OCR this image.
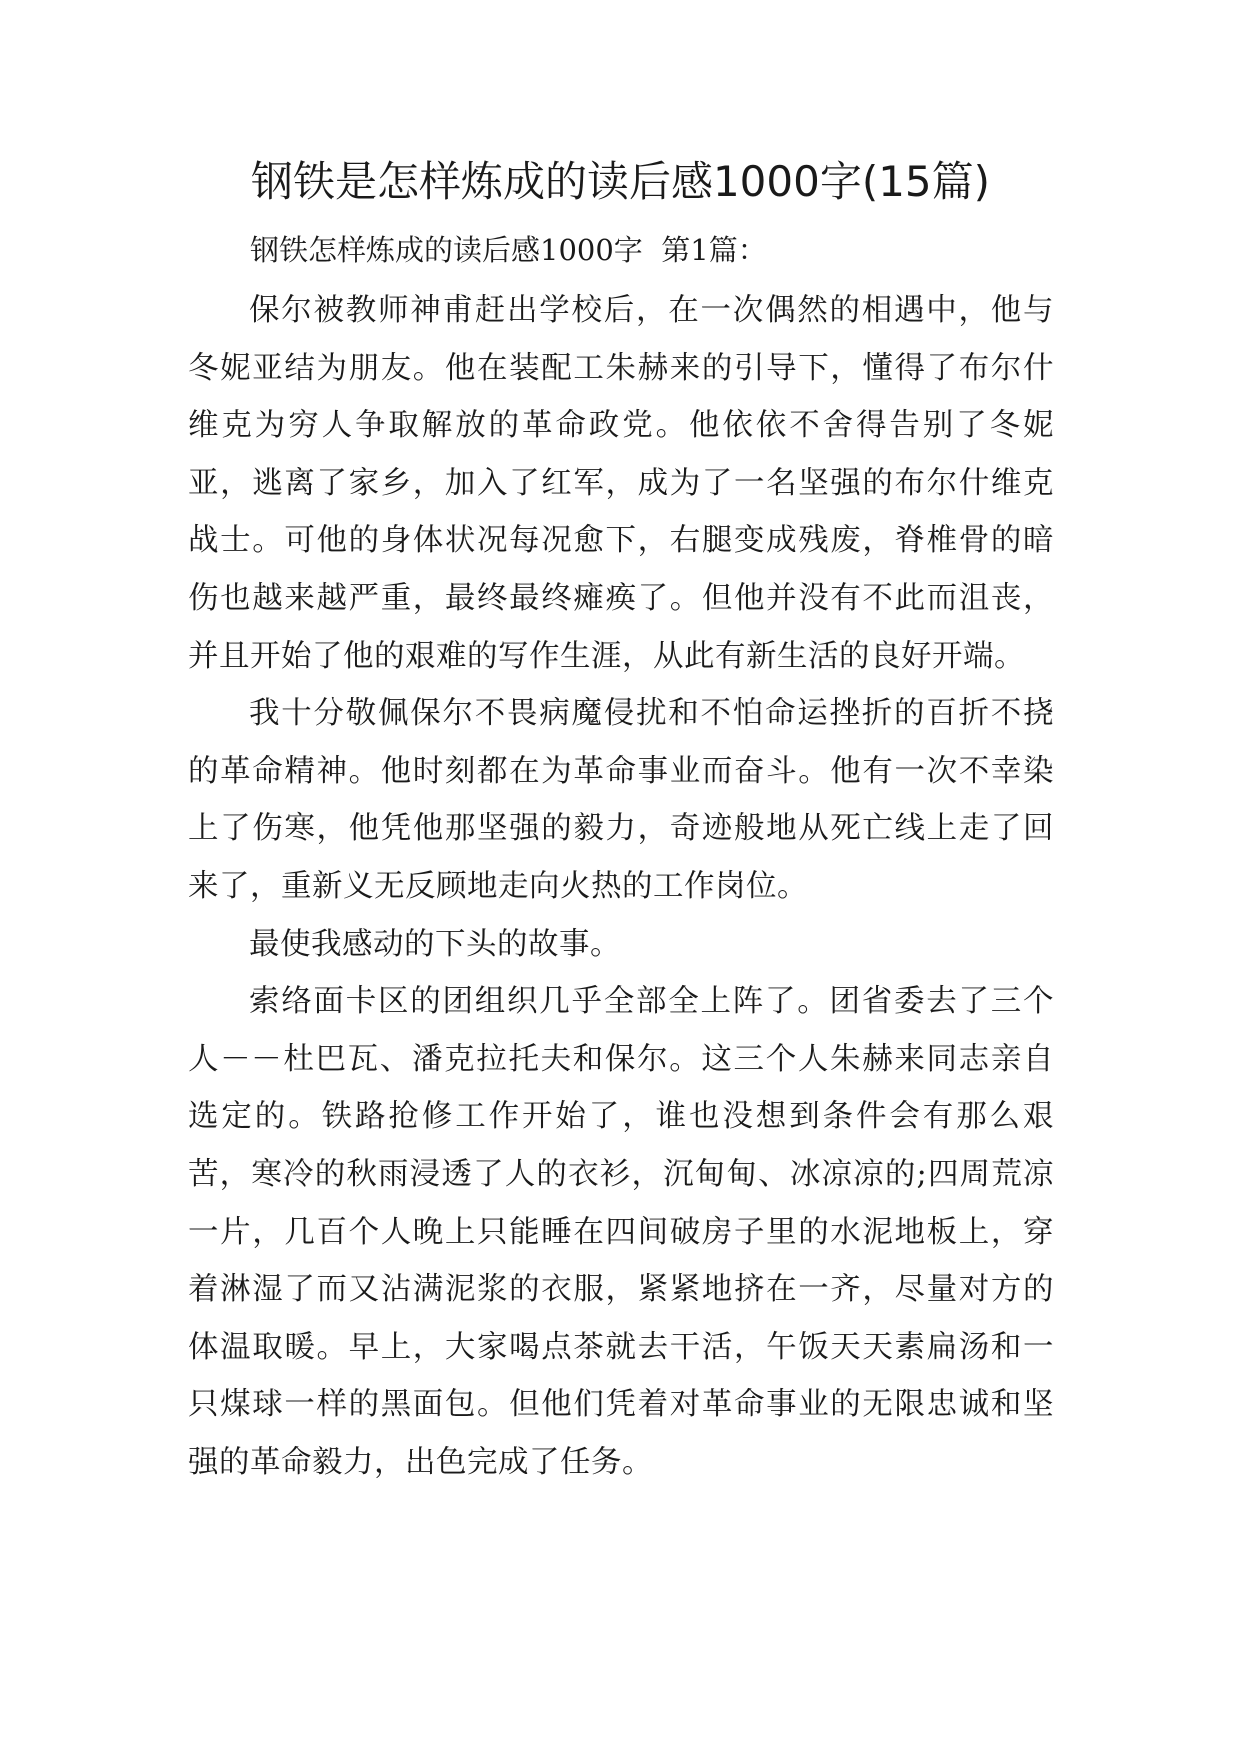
钢铁是怎样炼成的读后感1000字(15篇)

钢铁怎样炼成的读后感1000字  第1篇：

保尔被教师神甫赶出学校后，在一次偶然的相遇中，他与冬妮亚结为朋友。他在装配工朱赫来的引导下，懂得了布尔什维克为穷人争取解放的革命政党。他依依不舍得告别了冬妮亚，逃离了家乡，加入了红军，成为了一名坚强的布尔什维克战士。可他的身体状况每况愈下，右腿变成残废，脊椎骨的暗伤也越来越严重，最终最终瘫痪了。但他并没有不此而沮丧，并且开始了他的艰难的写作生涯，从此有新生活的良好开端。

我十分敬佩保尔不畏病魔侵扰和不怕命运挫折的百折不挠的革命精神。他时刻都在为革命事业而奋斗。他有一次不幸染上了伤寒，他凭他那坚强的毅力，奇迹般地从死亡线上走了回来了，重新义无反顾地走向火热的工作岗位。

最使我感动的下头的故事。

索络面卡区的团组织几乎全部全上阵了。团省委去了三个人－－杜巴瓦、潘克拉托夫和保尔。这三个人朱赫来同志亲自选定的。铁路抢修工作开始了，谁也没想到条件会有那么艰苦，寒冷的秋雨浸透了人的衣衫，沉甸甸、冰凉凉的;四周荒凉一片，几百个人晚上只能睡在四间破房子里的水泥地板上，穿着淋湿了而又沾满泥浆的衣服，紧紧地挤在一齐，尽量对方的体温取暖。早上，大家喝点茶就去干活，午饭天天素扁汤和一只煤球一样的黑面包。但他们凭着对革命事业的无限忠诚和坚强的革命毅力，出色完成了任务。
